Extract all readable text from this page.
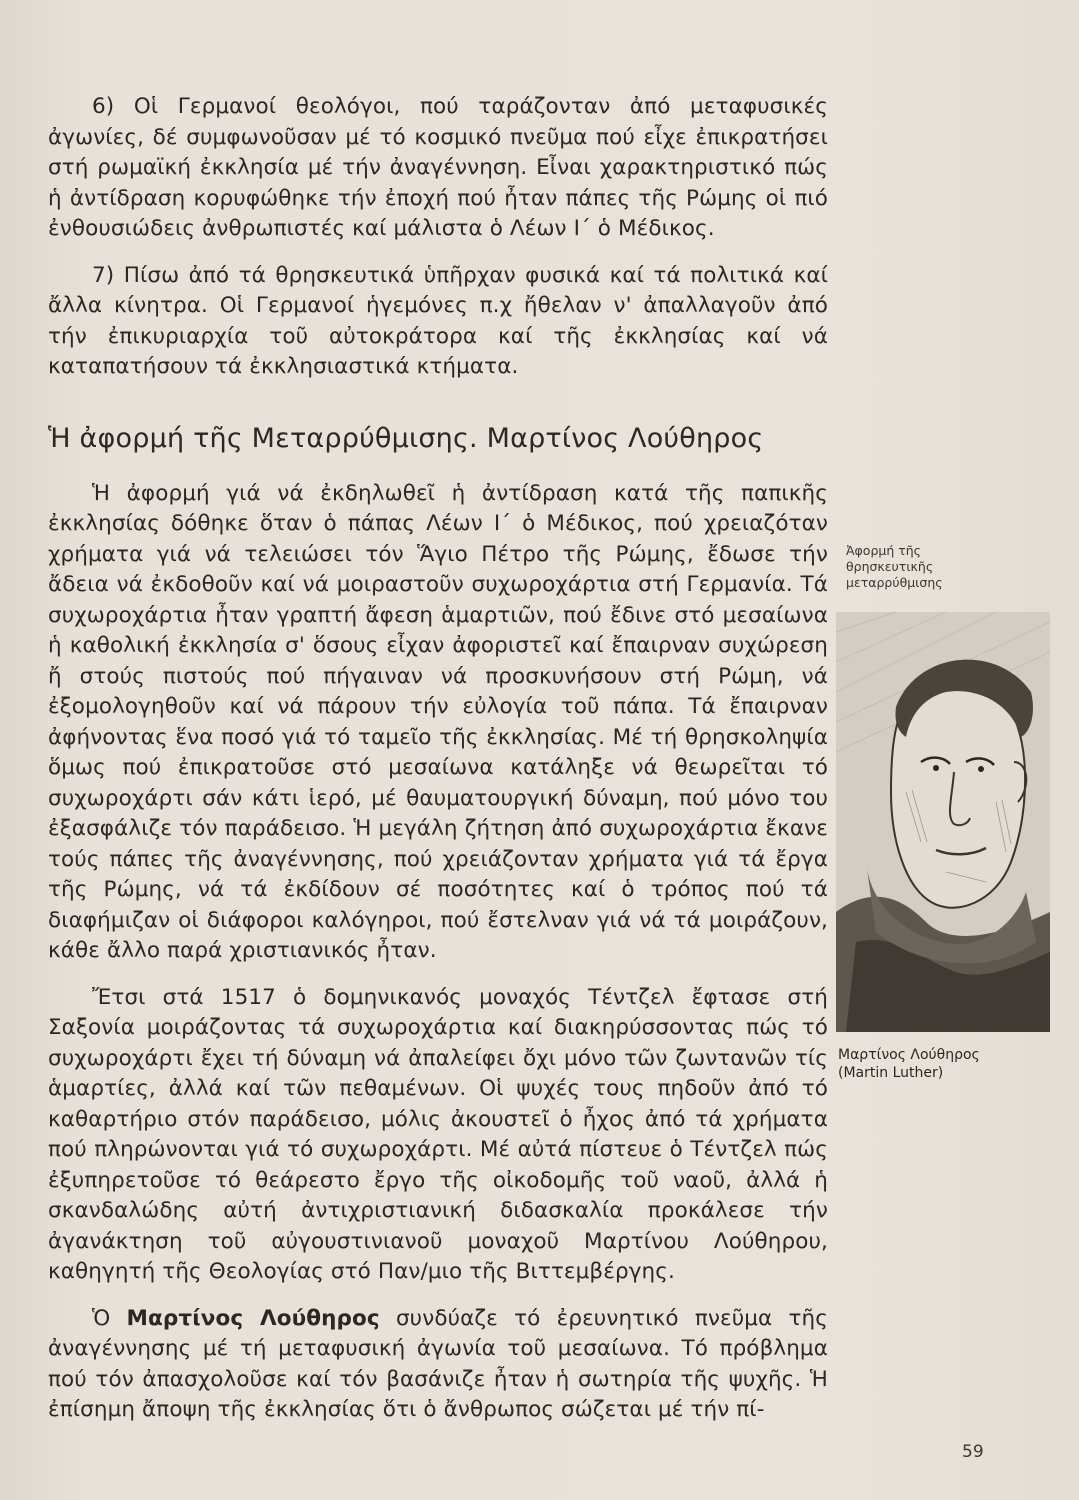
6) Οἱ Γερμανοί θεολόγοι, πού ταράζονταν ἀπό μεταφυσικές ἀγωνίες, δέ συμφωνοῦσαν μέ τό κοσμικό πνεῦμα πού εἶχε ἐπικρατήσει στή ρωμαϊκή ἐκκλησία μέ τήν ἀναγέννηση. Εἶναι χαρακτηριστικό πώς ἡ ἀντίδραση κορυφώθηκε τήν ἐποχή πού ἦταν πάπες τῆς Ρώμης οἱ πιό ἐνθουσιώδεις ἀνθρωπιστές καί μάλιστα ὁ Λέων Ι΄ ὁ Μέδικος.

7) Πίσω ἀπό τά θρησκευτικά ὑπῆρχαν φυσικά καί τά πολιτικά καί ἄλλα κίνητρα. Οἱ Γερμανοί ἡγεμόνες π.χ ἤθελαν ν' ἀπαλλαγοῦν ἀπό τήν ἐπικυριαρχία τοῦ αὐτοκράτορα καί τῆς ἐκκλησίας καί νά καταπατήσουν τά ἐκκλησιαστικά κτήματα.

Ἡ ἀφορμή τῆς Μεταρρύθμισης. Μαρτίνος Λούθηρος

Ἡ ἀφορμή γιά νά ἐκδηλωθεῖ ἡ ἀντίδραση κατά τῆς παπικῆς ἐκκλησίας δόθηκε ὅταν ὁ πάπας Λέων Ι΄ ὁ Μέδικος, πού χρειαζόταν χρήματα γιά νά τελειώσει τόν Ἅγιο Πέτρο τῆς Ρώμης, ἔδωσε τήν ἄδεια νά ἐκδοθοῦν καί νά μοιραστοῦν συχωροχάρτια στή Γερμανία. Τά συχωροχάρτια ἦταν γραπτή ἄφεση ἁμαρτιῶν, πού ἔδινε στό μεσαίωνα ἡ καθολική ἐκκλησία σ' ὅσους εἶχαν ἀφοριστεῖ καί ἔπαιρναν συχώρεση ἤ στούς πιστούς πού πήγαιναν νά προσκυνήσουν στή Ρώμη, νά ἐξομολογηθοῦν καί νά πάρουν τήν εὐλογία τοῦ πάπα. Τά ἔπαιρναν ἀφήνοντας ἕνα ποσό γιά τό ταμεῖο τῆς ἐκκλησίας. Μέ τή θρησκοληψία ὅμως πού ἐπικρατοῦσε στό μεσαίωνα κατάληξε νά θεωρεῖται τό συχωροχάρτι σάν κάτι ἱερό, μέ θαυματουργική δύναμη, πού μόνο του ἐξασφάλιζε τόν παράδεισο. Ἡ μεγάλη ζήτηση ἀπό συχωροχάρτια ἔκανε τούς πάπες τῆς ἀναγέννησης, πού χρειάζονταν χρήματα γιά τά ἔργα τῆς Ρώμης, νά τά ἐκδίδουν σέ ποσότητες καί ὁ τρόπος πού τά διαφήμιζαν οἱ διάφοροι καλόγηροι, πού ἔστελναν γιά νά τά μοιράζουν, κάθε ἄλλο παρά χριστιανικός ἦταν.

Ἔτσι στά 1517 ὁ δομηνικανός μοναχός Τέντζελ ἔφτασε στή Σαξονία μοιράζοντας τά συχωροχάρτια καί διακηρύσσοντας πώς τό συχωροχάρτι ἔχει τή δύναμη νά ἀπαλείφει ὄχι μόνο τῶν ζωντανῶν τίς ἁμαρτίες, ἀλλά καί τῶν πεθαμένων. Οἱ ψυχές τους πηδοῦν ἀπό τό καθαρτήριο στόν παράδεισο, μόλις ἀκουστεῖ ὁ ἦχος ἀπό τά χρήματα πού πληρώνονται γιά τό συχωροχάρτι. Μέ αὐτά πίστευε ὁ Τέντζελ πώς ἐξυπηρετοῦσε τό θεάρεστο ἔργο τῆς οἰκοδομῆς τοῦ ναοῦ, ἀλλά ἡ σκανδαλώδης αὐτή ἀντιχριστιανική διδασκαλία προκάλεσε τήν ἀγανάκτηση τοῦ αὐγουστινιανοῦ μοναχοῦ Μαρτίνου Λούθηρου, καθηγητή τῆς Θεολογίας στό Παν/μιο τῆς Βιττεμβέργης.

Ὁ Μαρτίνος Λούθηρος συνδύαζε τό ἐρευνητικό πνεῦμα τῆς ἀναγέννησης μέ τή μεταφυσική ἀγωνία τοῦ μεσαίωνα. Τό πρόβλημα πού τόν ἀπασχολοῦσε καί τόν βασάνιζε ἦταν ἡ σωτηρία τῆς ψυχῆς. Ἡ ἐπίσημη ἄποψη τῆς ἐκκλησίας ὅτι ὁ ἄνθρωπος σώζεται μέ τήν πί-

Ἀφορμή τῆς
θρησκευτικῆς
μεταρρύθμισης
Μαρτίνος Λούθηρος
(Martin Luther)
59
